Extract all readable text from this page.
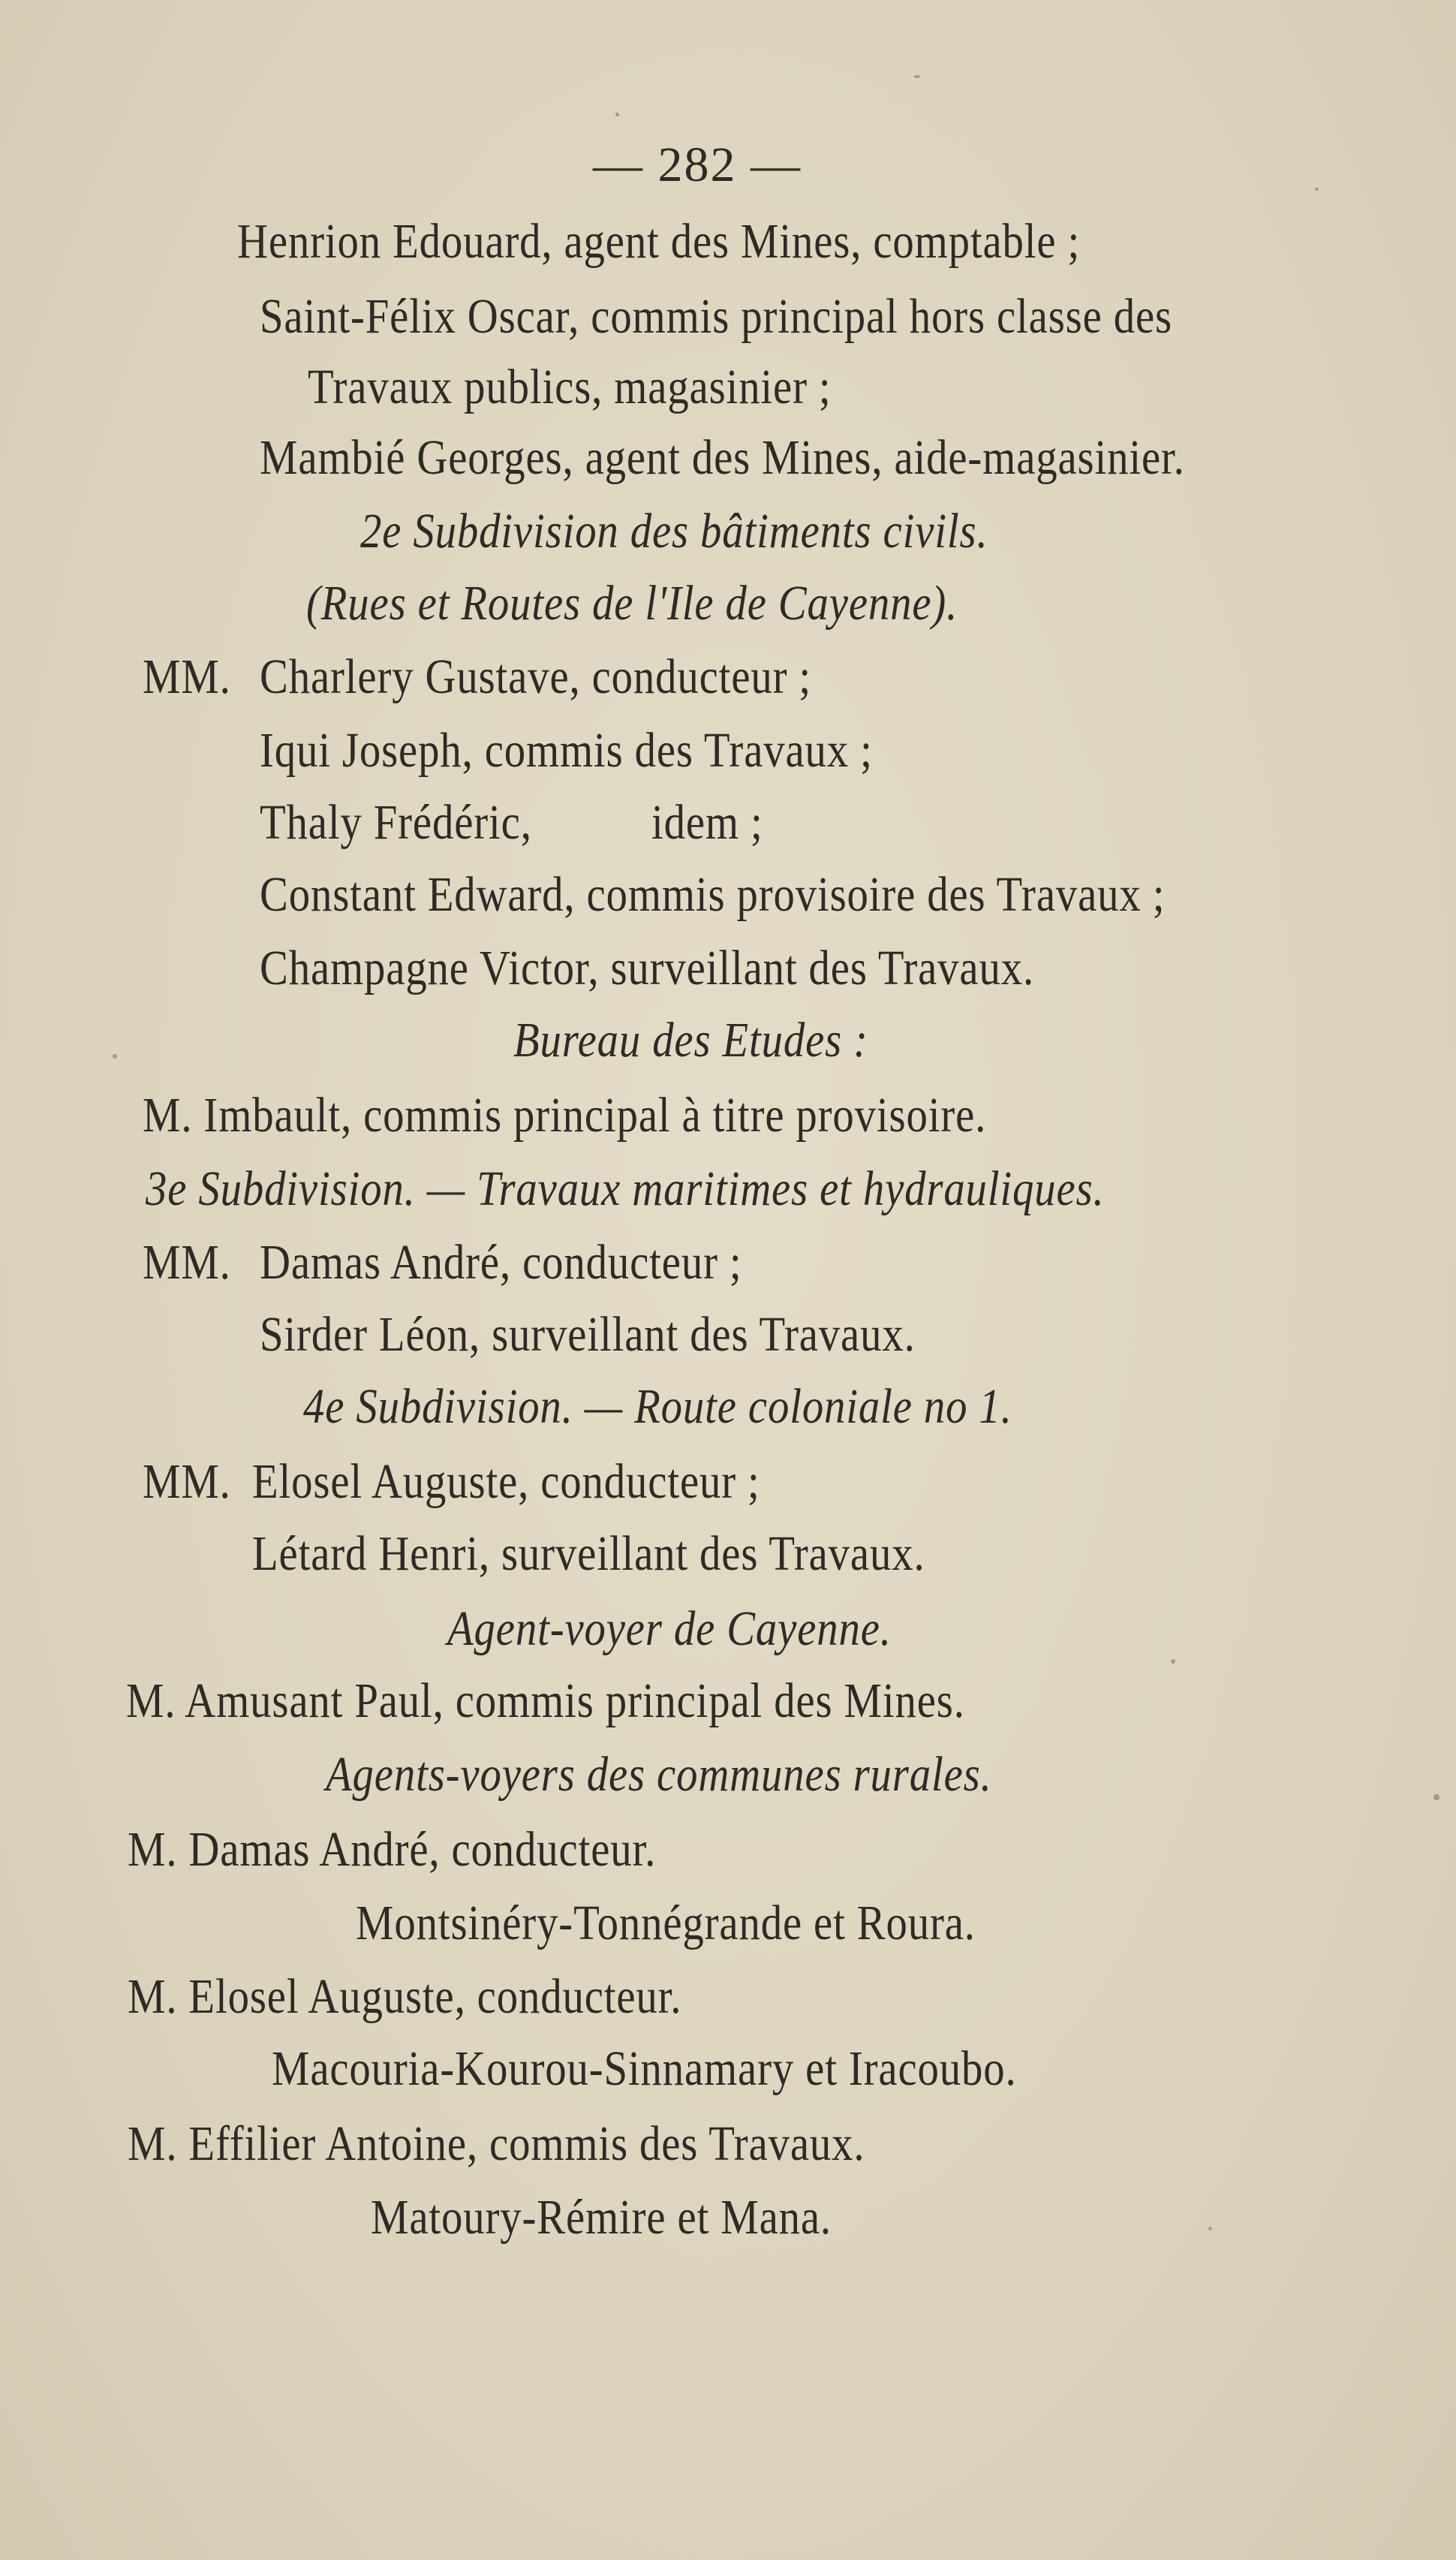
— 282 —
Henrion Edouard, agent des Mines, comptable ;
Saint-Félix Oscar, commis principal hors classe des
Travaux publics, magasinier ;
Mambié Georges, agent des Mines, aide-magasinier.
2e Subdivision des bâtiments civils.
(Rues et Routes de l'Ile de Cayenne).
MM. Charlery Gustave, conducteur ;
Iqui Joseph, commis des Travaux ;
Thaly Frédéric, idem ;
Constant Edward, commis provisoire des Travaux ;
Champagne Victor, surveillant des Travaux.
Bureau des Etudes :
M. Imbault, commis principal à titre provisoire.
3e Subdivision. — Travaux maritimes et hydrauliques.
MM. Damas André, conducteur ;
Sirder Léon, surveillant des Travaux.
4e Subdivision. — Route coloniale no 1.
MM. Elosel Auguste, conducteur ;
Létard Henri, surveillant des Travaux.
Agent-voyer de Cayenne.
M. Amusant Paul, commis principal des Mines.
Agents-voyers des communes rurales.
M. Damas André, conducteur.
Montsinéry-Tonnégrande et Roura.
M. Elosel Auguste, conducteur.
Macouria-Kourou-Sinnamary et Iracoubo.
M. Effilier Antoine, commis des Travaux.
Matoury-Rémire et Mana.
